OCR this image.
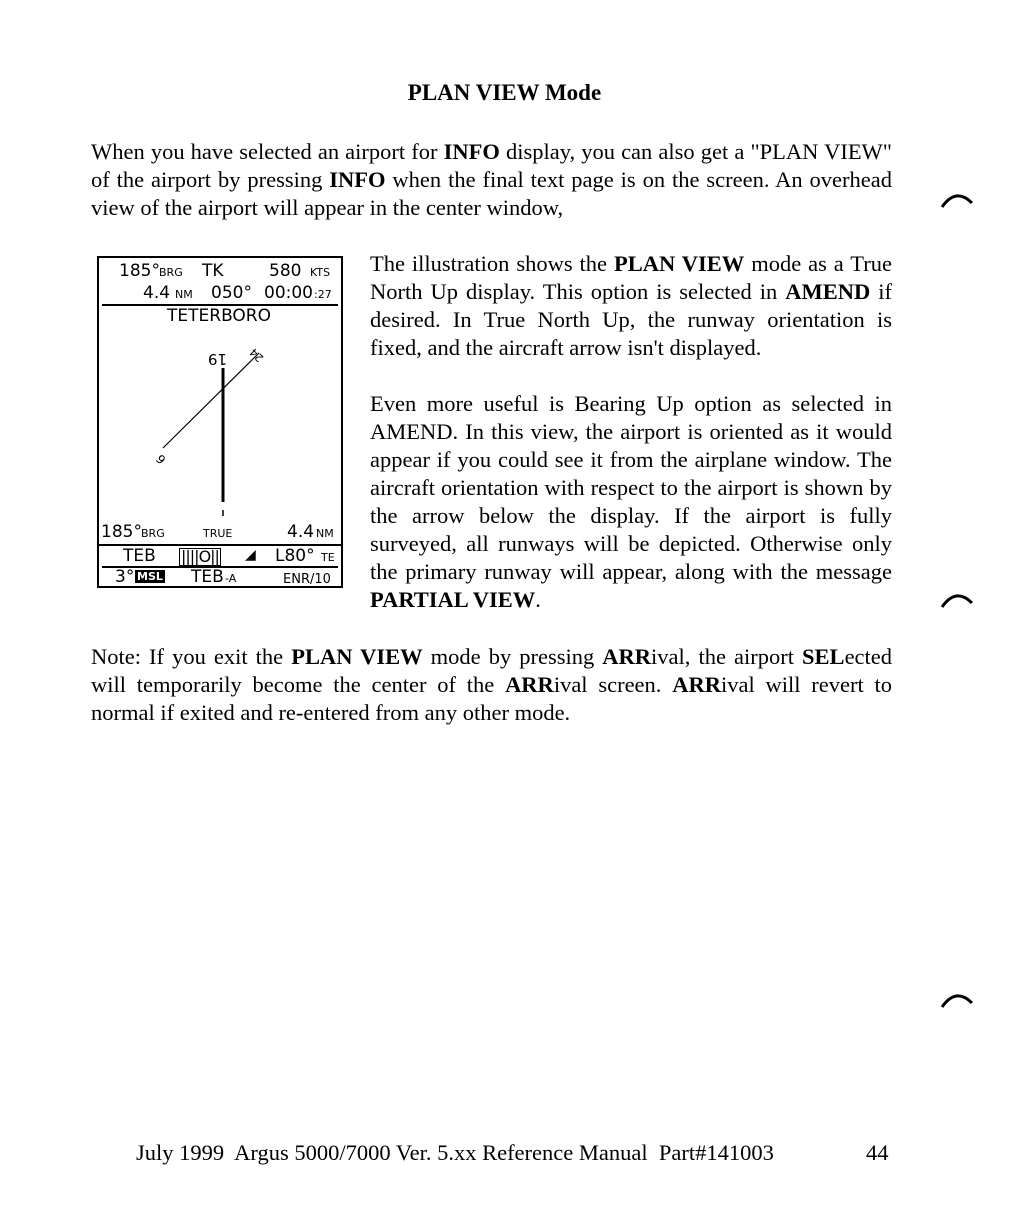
PLAN VIEW Mode
When you have selected an airport for INFO display, you can also get a "PLAN VIEW" of the airport by pressing INFO when the final text page is on the screen. An overhead view of the airport will appear in the center window,
185° BRG TK	580 KTS
4.4 NM 050° 00:00 :27
TETERBORO
19 24
6
185° BRG	TRUE	4.4 NM
TEB ||||O|| ◢ L80° TE
3° MSL TEB -A	ENR/10
The illustration shows the PLAN VIEW mode as a True North Up display. This option is selected in AMEND if desired. In True North Up, the runway orientation is fixed, and the aircraft arrow isn't displayed.
Even more useful is Bearing Up option as selected in AMEND. In this view, the airport is oriented as it would appear if you could see it from the airplane window. The aircraft orientation with respect to the airport is shown by the arrow below the display. If the airport is fully surveyed, all runways will be depicted. Otherwise only the primary runway will appear, along with the message PARTIAL VIEW.
Note: If you exit the PLAN VIEW mode by pressing ARRival, the airport SELected will temporarily become the center of the ARRival screen. ARRival will revert to normal if exited and re-entered from any other mode.
July 1999  Argus 5000/7000 Ver. 5.xx Reference Manual  Part#141003	44
